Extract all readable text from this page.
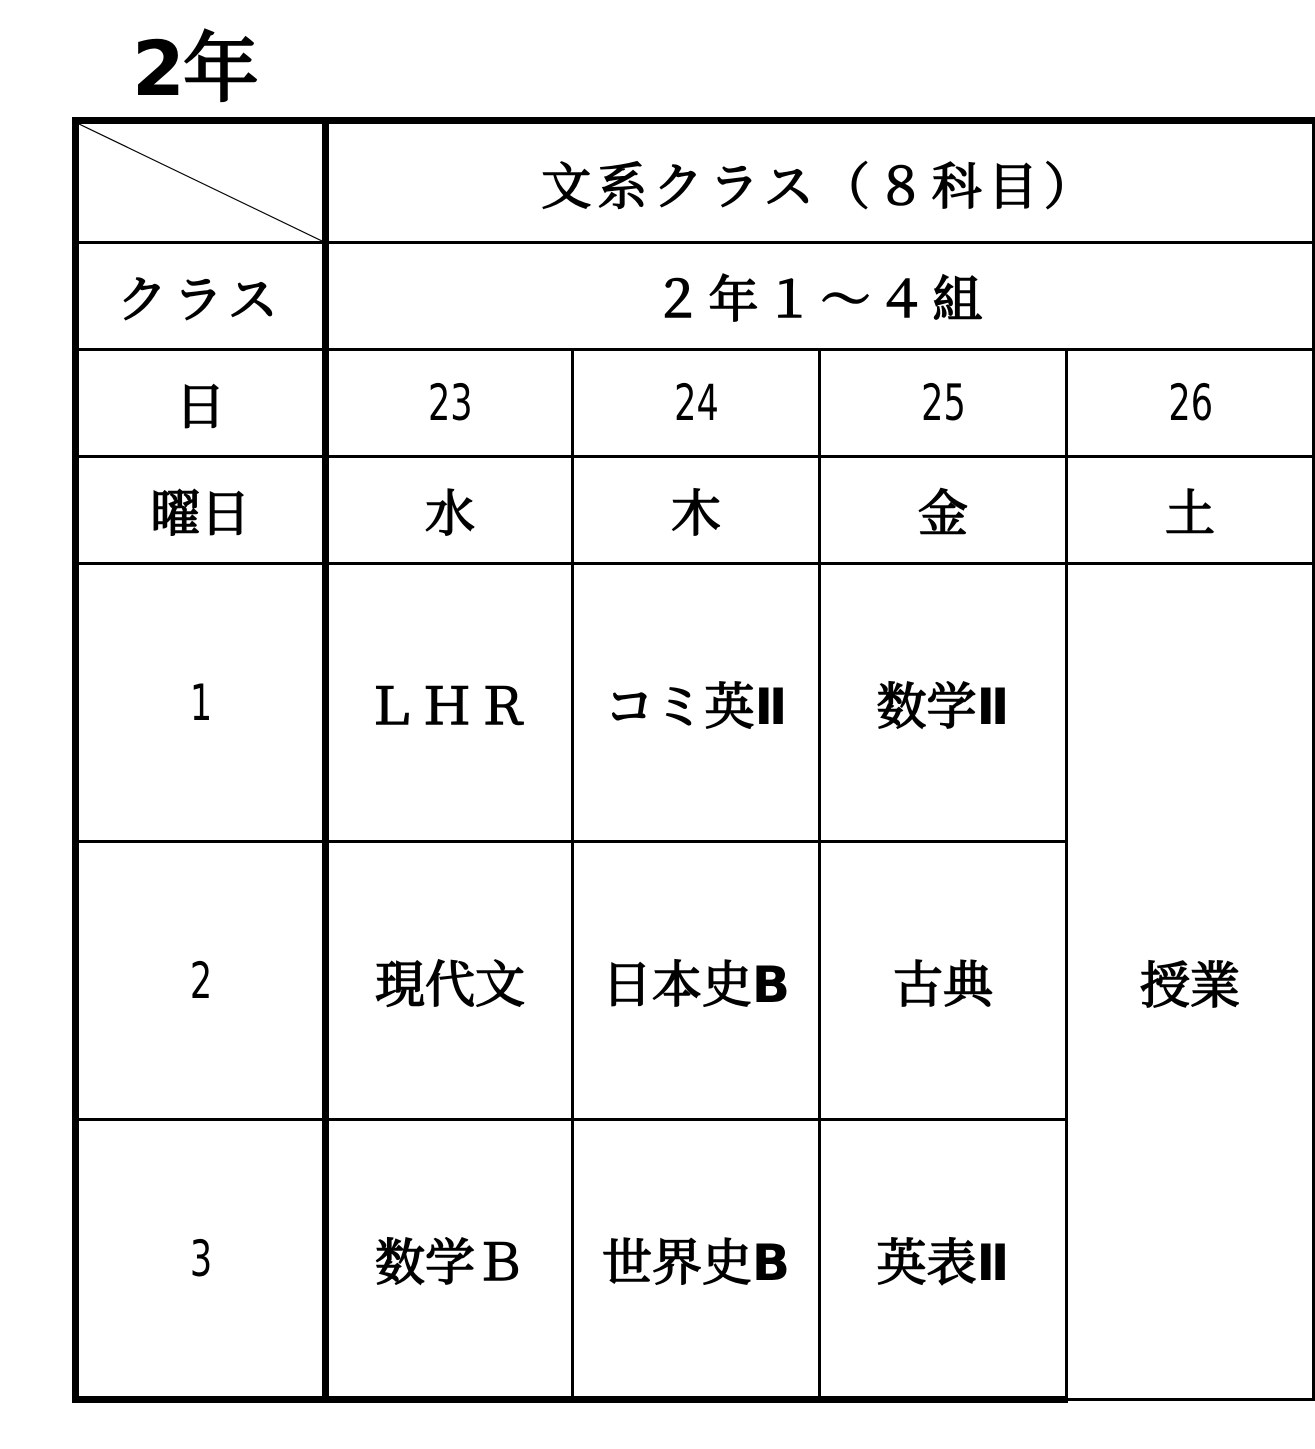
2年
	文系クラス（８科目）			
クラス	２年１～４組			
日	23	24	25	26
曜日	水	木	金	土
1	ＬＨＲ	コミ英Ⅱ	数学Ⅱ	授業
2	現代文	日本史B	古典	
3	数学Ｂ	世界史B	英表Ⅱ	
